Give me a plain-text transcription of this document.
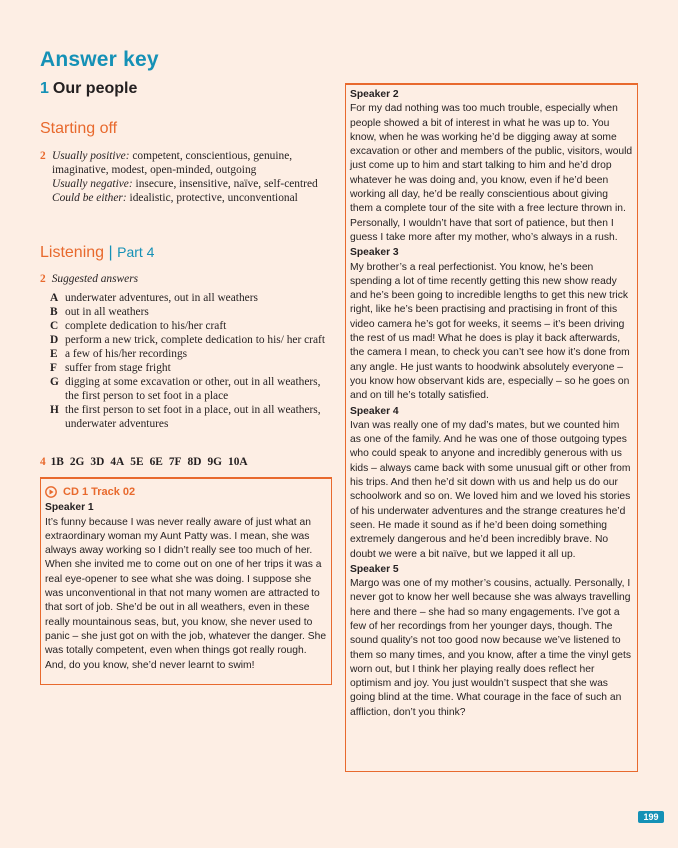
Answer key
1 Our people
Starting off
2 Usually positive: competent, conscientious, genuine, imaginative, modest, open-minded, outgoing
Usually negative: insecure, insensitive, naïve, self-centred
Could be either: idealistic, protective, unconventional
Listening | Part 4
2 Suggested answers
A underwater adventures, out in all weathers
B out in all weathers
C complete dedication to his/her craft
D perform a new trick, complete dedication to his/ her craft
E a few of his/her recordings
F suffer from stage fright
G digging at some excavation or other, out in all weathers, the first person to set foot in a place
H the first person to set foot in a place, out in all weathers, underwater adventures
4 1B 2G 3D 4A 5E 6E 7F 8D 9G 10A
CD 1 Track 02

Speaker 1

It’s funny because I was never really aware of just what an extraordinary woman my Aunt Patty was. I mean, she was always away working so I didn’t really see too much of her. When she invited me to come out on one of her trips it was a real eye-opener to see what she was doing. I suppose she was unconventional in that not many women are attracted to that sort of job. She’d be out in all weathers, even in these really mountainous seas, but, you know, she never used to panic – she just got on with the job, whatever the danger. She was totally competent, even when things got really rough. And, do you know, she’d never learnt to swim!

Speaker 2

For my dad nothing was too much trouble, especially when people showed a bit of interest in what he was up to. You know, when he was working he’d be digging away at some excavation or other and members of the public, visitors, would just come up to him and start talking to him and he’d drop whatever he was doing and, you know, even if he’d been working all day, he’d be really conscientious about giving them a complete tour of the site with a free lecture thrown in. Personally, I wouldn’t have that sort of patience, but then I guess I take more after my mother, who’s always in a rush.

Speaker 3

My brother’s a real perfectionist. You know, he’s been spending a lot of time recently getting this new show ready and he’s been going to incredible lengths to get this new trick right, like he’s been practising and practising in front of this video camera he’s got for weeks, it seems – it’s been driving the rest of us mad! What he does is play it back afterwards, the camera I mean, to check you can’t see how it’s done from any angle. He just wants to hoodwink absolutely everyone – you know how observant kids are, especially – so he goes on and on till he’s totally satisfied.

Speaker 4

Ivan was really one of my dad’s mates, but we counted him as one of the family. And he was one of those outgoing types who could speak to anyone and incredibly generous with us kids – always came back with some unusual gift or other from his trips. And then he’d sit down with us and help us do our schoolwork and so on. We loved him and we loved his stories of his underwater adventures and the strange creatures he’d seen. He made it sound as if he’d been doing something extremely dangerous and he’d been incredibly brave. No doubt we were a bit naïve, but we lapped it all up.

Speaker 5

Margo was one of my mother’s cousins, actually. Personally, I never got to know her well because she was always travelling here and there – she had so many engagements. I’ve got a few of her recordings from her younger days, though. The sound quality’s not too good now because we’ve listened to them so many times, and you know, after a time the vinyl gets worn out, but I think her playing really does reflect her optimism and joy. You just wouldn’t suspect that she was going blind at the time. What courage in the face of such an affliction, don’t you think?

199
